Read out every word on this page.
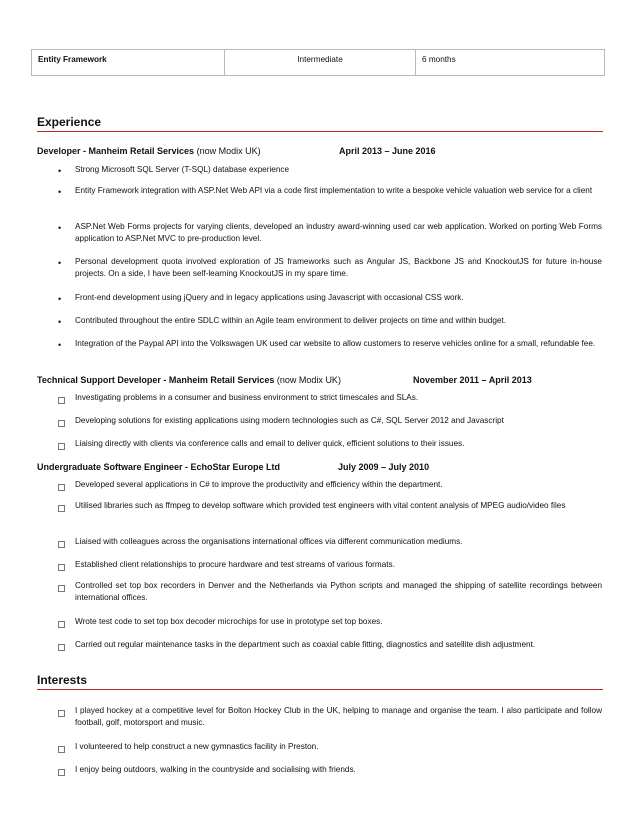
Entity Framework	Intermediate	6 months
Experience
Developer - Manheim Retail Services (now Modix UK)	April 2013 – June 2016
Strong Microsoft SQL Server (T-SQL) database experience
Entity Framework integration with ASP.Net Web API via a code first implementation to write a bespoke vehicle valuation web service for a client
ASP.Net Web Forms projects for varying clients, developed an industry award-winning used car web application. Worked on porting Web Forms application to ASP.Net MVC to pre-production level.
Personal development quota involved exploration of JS frameworks such as Angular JS, Backbone JS and KnockoutJS for future in-house projects. On a side, I have been self-learning KnockoutJS in my spare time.
Front-end development using jQuery and in legacy applications using Javascript with occasional CSS work.
Contributed throughout the entire SDLC within an Agile team environment to deliver projects on time and within budget.
Integration of the Paypal API into the Volkswagen UK used car website to allow customers to reserve vehicles online for a small, refundable fee.
Technical Support Developer - Manheim Retail Services (now Modix UK)	November 2011 – April 2013
Investigating problems in a consumer and business environment to strict timescales and SLAs.
Developing solutions for existing applications using modern technologies such as C#, SQL Server 2012 and Javascript
Liaising directly with clients via conference calls and email to deliver quick, efficient solutions to their issues.
Undergraduate Software Engineer - EchoStar Europe Ltd	July 2009 – July 2010
Developed several applications in C# to improve the productivity and efficiency within the department.
Utilised libraries such as ffmpeg to develop software which provided test engineers with vital content analysis of MPEG audio/video files
Liaised with colleagues across the organisations international offices via different communication mediums.
Established client relationships to procure hardware and test streams of various formats.
Controlled set top box recorders in Denver and the Netherlands via Python scripts and managed the shipping of satellite recordings between international offices.
Wrote test code to set top box decoder microchips for use in prototype set top boxes.
Carried out regular maintenance tasks in the department such as coaxial cable fitting, diagnostics and satellite dish adjustment.
Interests
I played hockey at a competitive level for Bolton Hockey Club in the UK, helping to manage and organise the team. I also participate and follow football, golf, motorsport and music.
I volunteered to help construct a new gymnastics facility in Preston.
I enjoy being outdoors, walking in the countryside and socialising with friends.
